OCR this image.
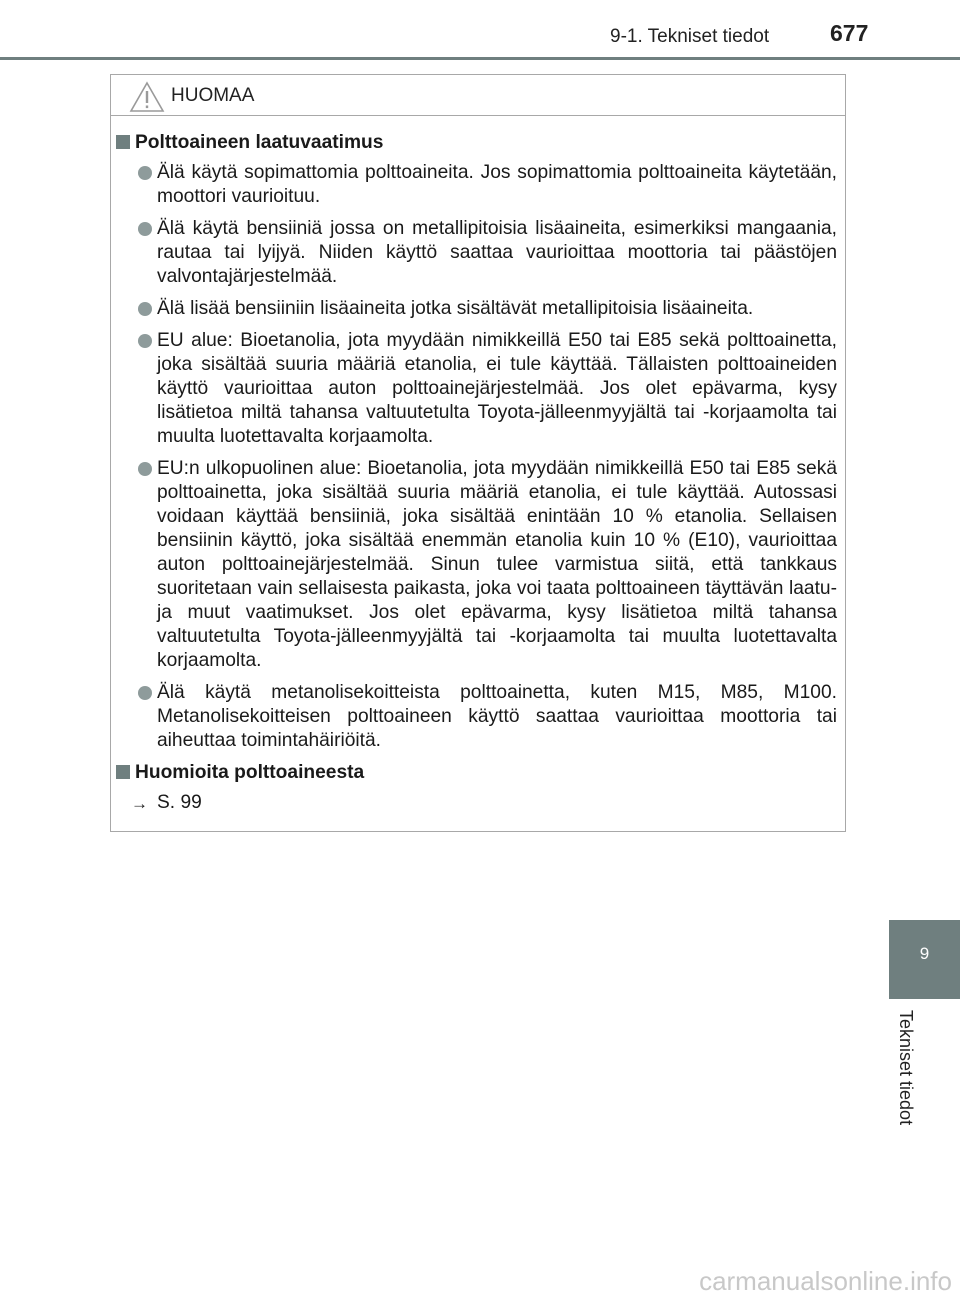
9-1. Tekniset tiedot	677
HUOMAA
Polttoaineen laatuvaatimus
Älä käytä sopimattomia polttoaineita. Jos sopimattomia polttoaineita käytetään, moottori vaurioituu.
Älä käytä bensiiniä jossa on metallipitoisia lisäaineita, esimerkiksi mangaania, rautaa tai lyijyä. Niiden käyttö saattaa vaurioittaa moottoria tai päästöjen valvontajärjestelmää.
Älä lisää bensiiniin lisäaineita jotka sisältävät metallipitoisia lisäaineita.
EU alue: Bioetanolia, jota myydään nimikkeillä E50 tai E85 sekä polttoainetta, joka sisältää suuria määriä etanolia, ei tule käyttää. Tällaisten polttoaineiden käyttö vaurioittaa auton polttoainejärjestelmää. Jos olet epävarma, kysy lisätietoa miltä tahansa valtuutetulta Toyota-jälleenmyyjältä tai -korjaamolta tai muulta luotettavalta korjaamolta.
EU:n ulkopuolinen alue: Bioetanolia, jota myydään nimikkeillä E50 tai E85 sekä polttoainetta, joka sisältää suuria määriä etanolia, ei tule käyttää. Autossasi voidaan käyttää bensiiniä, joka sisältää enintään 10 % etanolia. Sellaisen bensiinin käyttö, joka sisältää enemmän etanolia kuin 10 % (E10), vaurioittaa auton polttoainejärjestelmää. Sinun tulee varmistua siitä, että tankkaus suoritetaan vain sellaisesta paikasta, joka voi taata polttoaineen täyttävän laatu- ja muut vaatimukset. Jos olet epävarma, kysy lisätietoa miltä tahansa valtuutetulta Toyota-jälleenmyyjältä tai -korjaamolta tai muulta luotettavalta korjaamolta.
Älä käytä metanolisekoitteista polttoainetta, kuten M15, M85, M100. Metanolisekoitteisen polttoaineen käyttö saattaa vaurioittaa moottoria tai aiheuttaa toimintahäiriöitä.
Huomioita polttoaineesta
→ S. 99
9
Tekniset tiedot
carmanualsonline.info
